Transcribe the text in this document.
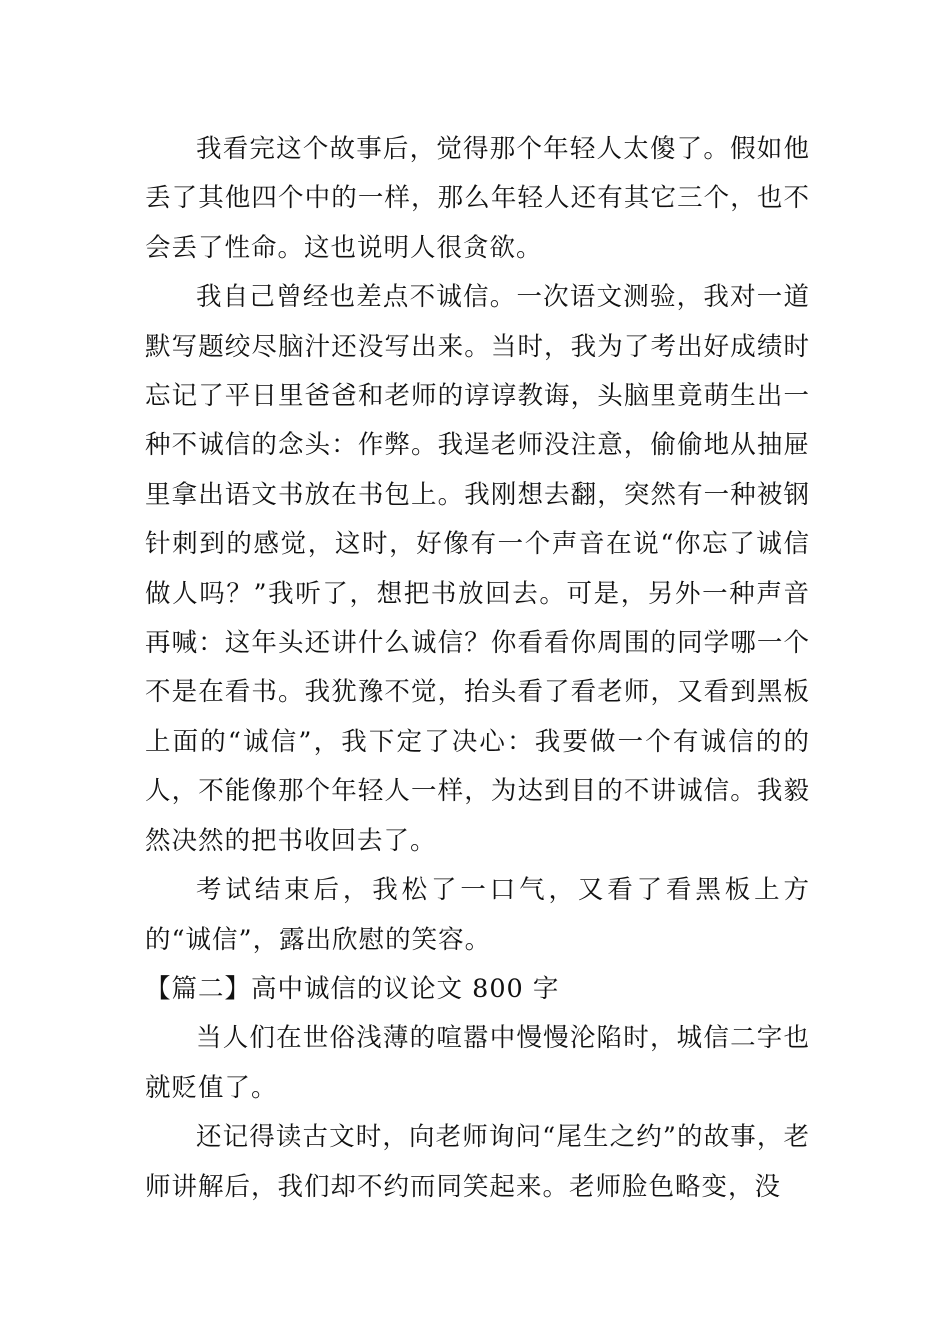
我看完这个故事后，觉得那个年轻人太傻了。假如他丢了其他四个中的一样，那么年轻人还有其它三个，也不会丢了性命。这也说明人很贪欲。

我自己曾经也差点不诚信。一次语文测验，我对一道默写题绞尽脑汁还没写出来。当时，我为了考出好成绩时忘记了平日里爸爸和老师的谆谆教诲，头脑里竟萌生出一种不诚信的念头：作弊。我逞老师没注意，偷偷地从抽屉里拿出语文书放在书包上。我刚想去翻，突然有一种被钢针刺到的感觉，这时，好像有一个声音在说“你忘了诚信做人吗？”我听了，想把书放回去。可是，另外一种声音再喊：这年头还讲什么诚信？你看看你周围的同学哪一个不是在看书。我犹豫不觉，抬头看了看老师，又看到黑板上面的“诚信”，我下定了决心：我要做一个有诚信的的人，不能像那个年轻人一样，为达到目的不讲诚信。我毅然决然的把书收回去了。

考试结束后，我松了一口气，又看了看黑板上方的“诚信”，露出欣慰的笑容。

【篇二】高中诚信的议论文 800 字

当人们在世俗浅薄的喧嚣中慢慢沦陷时，城信二字也就贬值了。

还记得读古文时，向老师询问“尾生之约”的故事，老师讲解后，我们却不约而同笑起来。老师脸色略变，没
